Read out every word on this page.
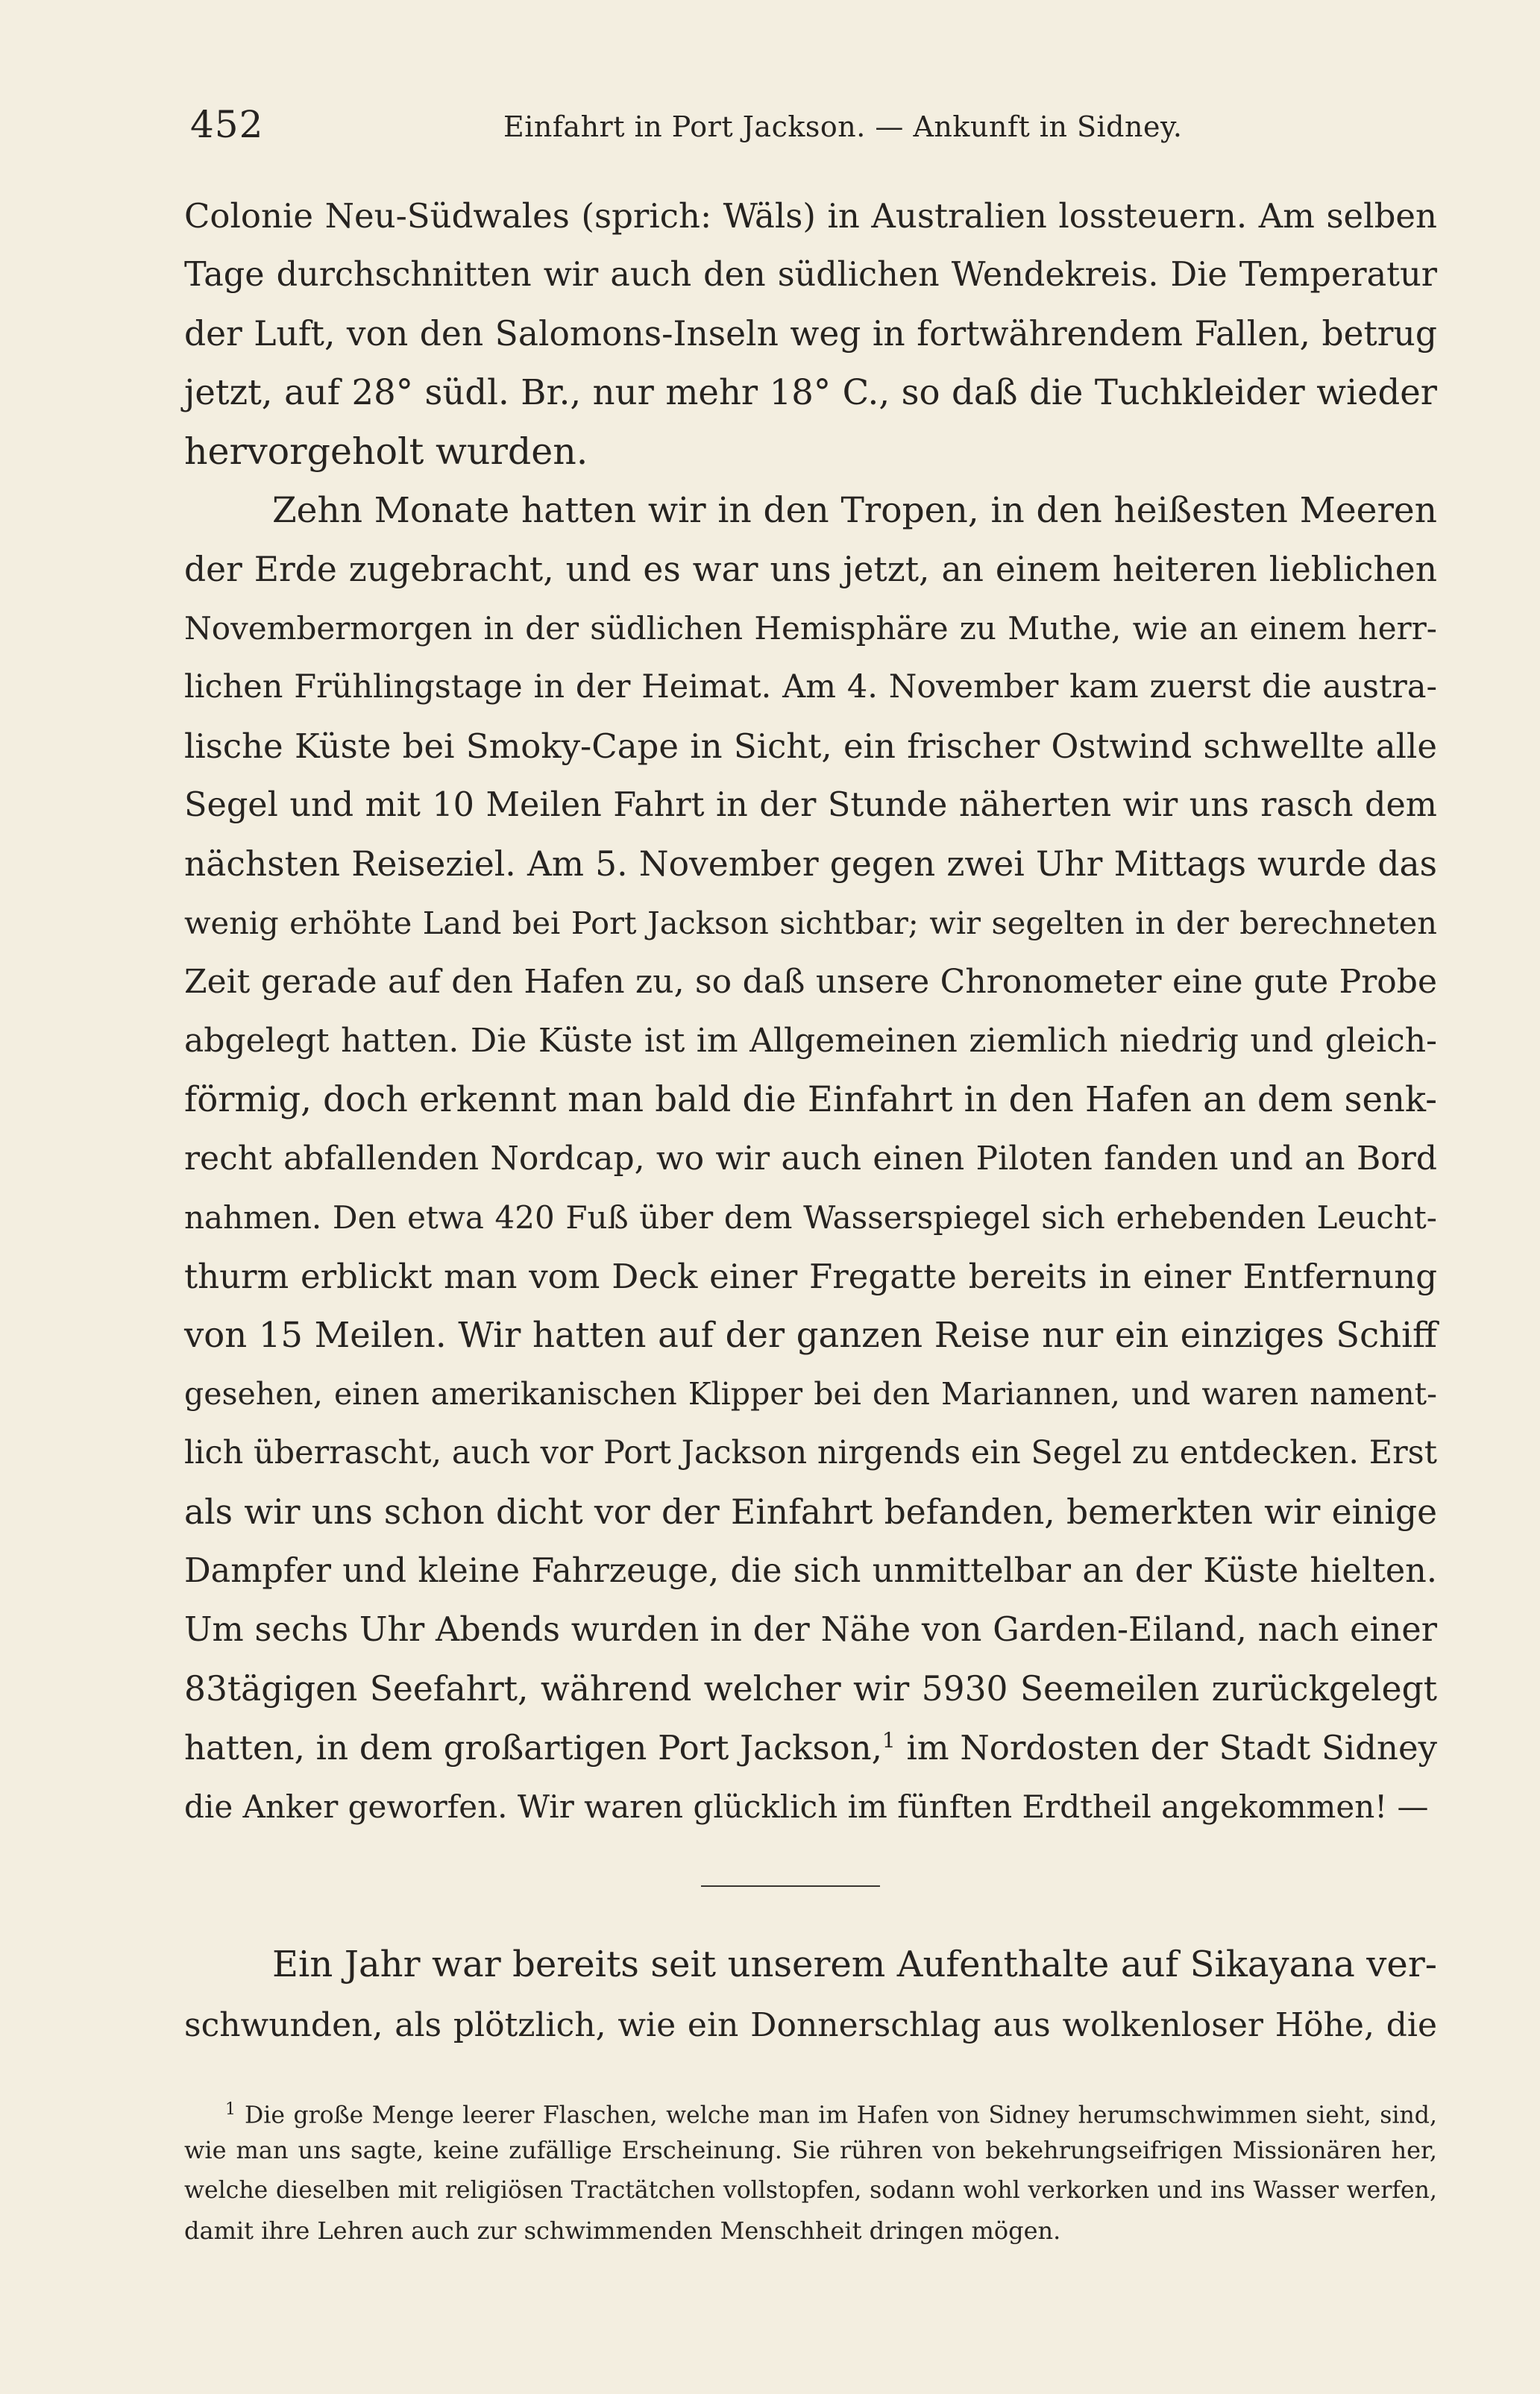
452	Einfahrt in Port Jackson. — Ankunft in Sidney.
Colonie Neu-Südwales (sprich: Wäls) in Australien lossteuern. Am selben
Tage durchschnitten wir auch den südlichen Wendekreis. Die Temperatur
der Luft, von den Salomons-Inseln weg in fortwährendem Fallen, betrug
jetzt, auf 28° südl. Br., nur mehr 18° C., so daß die Tuchkleider wieder
hervorgeholt wurden.
Zehn Monate hatten wir in den Tropen, in den heißesten Meeren
der Erde zugebracht, und es war uns jetzt, an einem heiteren lieblichen
Novembermorgen in der südlichen Hemisphäre zu Muthe, wie an einem herr-
lichen Frühlingstage in der Heimat. Am 4. November kam zuerst die austra-
lische Küste bei Smoky-Cape in Sicht, ein frischer Ostwind schwellte alle
Segel und mit 10 Meilen Fahrt in der Stunde näherten wir uns rasch dem
nächsten Reiseziel. Am 5. November gegen zwei Uhr Mittags wurde das
wenig erhöhte Land bei Port Jackson sichtbar; wir segelten in der berechneten
Zeit gerade auf den Hafen zu, so daß unsere Chronometer eine gute Probe
abgelegt hatten. Die Küste ist im Allgemeinen ziemlich niedrig und gleich-
förmig, doch erkennt man bald die Einfahrt in den Hafen an dem senk-
recht abfallenden Nordcap, wo wir auch einen Piloten fanden und an Bord
nahmen. Den etwa 420 Fuß über dem Wasserspiegel sich erhebenden Leucht-
thurm erblickt man vom Deck einer Fregatte bereits in einer Entfernung
von 15 Meilen. Wir hatten auf der ganzen Reise nur ein einziges Schiff
gesehen, einen amerikanischen Klipper bei den Mariannen, und waren nament-
lich überrascht, auch vor Port Jackson nirgends ein Segel zu entdecken. Erst
als wir uns schon dicht vor der Einfahrt befanden, bemerkten wir einige
Dampfer und kleine Fahrzeuge, die sich unmittelbar an der Küste hielten.
Um sechs Uhr Abends wurden in der Nähe von Garden-Eiland, nach einer
83tägigen Seefahrt, während welcher wir 5930 Seemeilen zurückgelegt
hatten, in dem großartigen Port Jackson,$^1$ im Nordosten der Stadt Sidney
die Anker geworfen. Wir waren glücklich im fünften Erdtheil angekommen! —
Ein Jahr war bereits seit unserem Aufenthalte auf Sikayana ver-
schwunden, als plötzlich, wie ein Donnerschlag aus wolkenloser Höhe, die
$^1$ Die große Menge leerer Flaschen, welche man im Hafen von Sidney herumschwimmen sieht, sind,
wie man uns sagte, keine zufällige Erscheinung. Sie rühren von bekehrungseifrigen Missionären her,
welche dieselben mit religiösen Tractätchen vollstopfen, sodann wohl verkorken und ins Wasser werfen,
damit ihre Lehren auch zur schwimmenden Menschheit dringen mögen.
